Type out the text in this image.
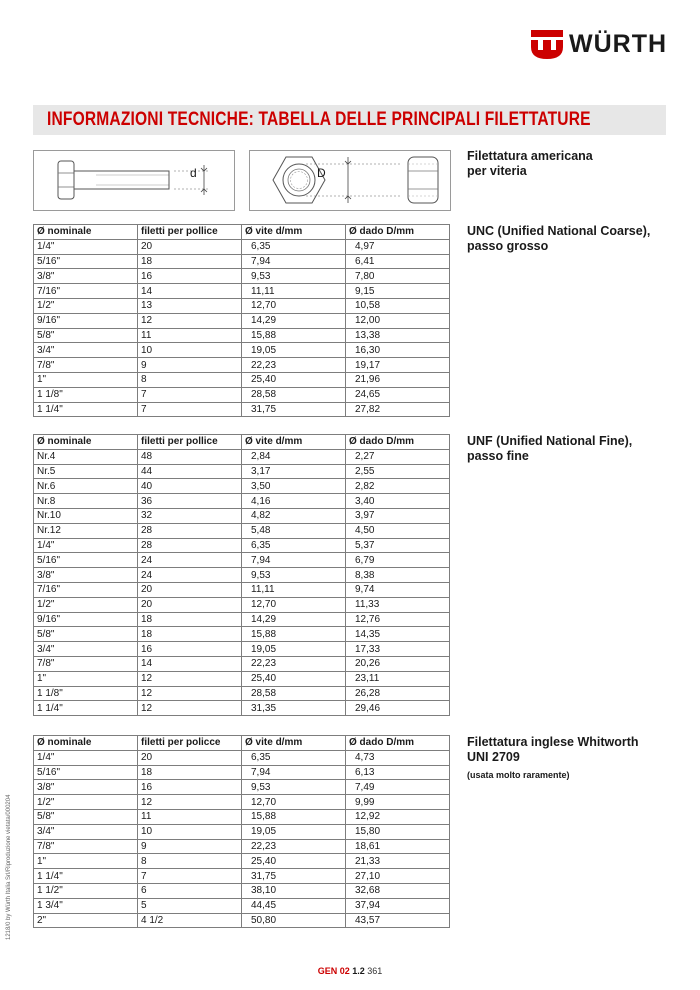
WÜRTH
INFORMAZIONI TECNICHE: TABELLA DELLE PRINCIPALI FILETTATURE
d	D
Filettatura americana
per viteria
Ø nominale	filetti per pollice	Ø vite d/mm	Ø dado D/mm
1/4"	20	6,35	4,97
5/16"	18	7,94	6,41
3/8"	16	9,53	7,80
7/16"	14	11,11	9,15
1/2"	13	12,70	10,58
9/16"	12	14,29	12,00
5/8"	11	15,88	13,38
3/4"	10	19,05	16,30
7/8"	9	22,23	19,17
1"	8	25,40	21,96
1 1/8"	7	28,58	24,65
1 1/4"	7	31,75	27,82
UNC (Unified National Coarse),
passo grosso
Ø nominale	filetti per pollice	Ø vite d/mm	Ø dado D/mm
Nr.4	48	2,84	2,27
Nr.5	44	3,17	2,55
Nr.6	40	3,50	2,82
Nr.8	36	4,16	3,40
Nr.10	32	4,82	3,97
Nr.12	28	5,48	4,50
1/4"	28	6,35	5,37
5/16"	24	7,94	6,79
3/8"	24	9,53	8,38
7/16"	20	11,11	9,74
1/2"	20	12,70	11,33
9/16"	18	14,29	12,76
5/8"	18	15,88	14,35
3/4"	16	19,05	17,33
7/8"	14	22,23	20,26
1"	12	25,40	23,11
1 1/8"	12	28,58	26,28
1 1/4"	12	31,35	29,46
UNF (Unified National Fine),
passo fine
Ø nominale	filetti per policce	Ø vite d/mm	Ø dado D/mm
1/4"	20	6,35	4,73
5/16"	18	7,94	6,13
3/8"	16	9,53	7,49
1/2"	12	12,70	9,99
5/8"	11	15,88	12,92
3/4"	10	19,05	15,80
7/8"	9	22,23	18,61
1"	8	25,40	21,33
1 1/4"	7	31,75	27,10
1 1/2"	6	38,10	32,68
1 3/4"	5	44,45	37,94
2"	4 1/2	50,80	43,57
Filettatura inglese Whitworth
UNI 2709
(usata molto raramente)
1218/0 by Würth Italia Srl/Riproduzione vietata/000204
GEN 02 1.2 361
